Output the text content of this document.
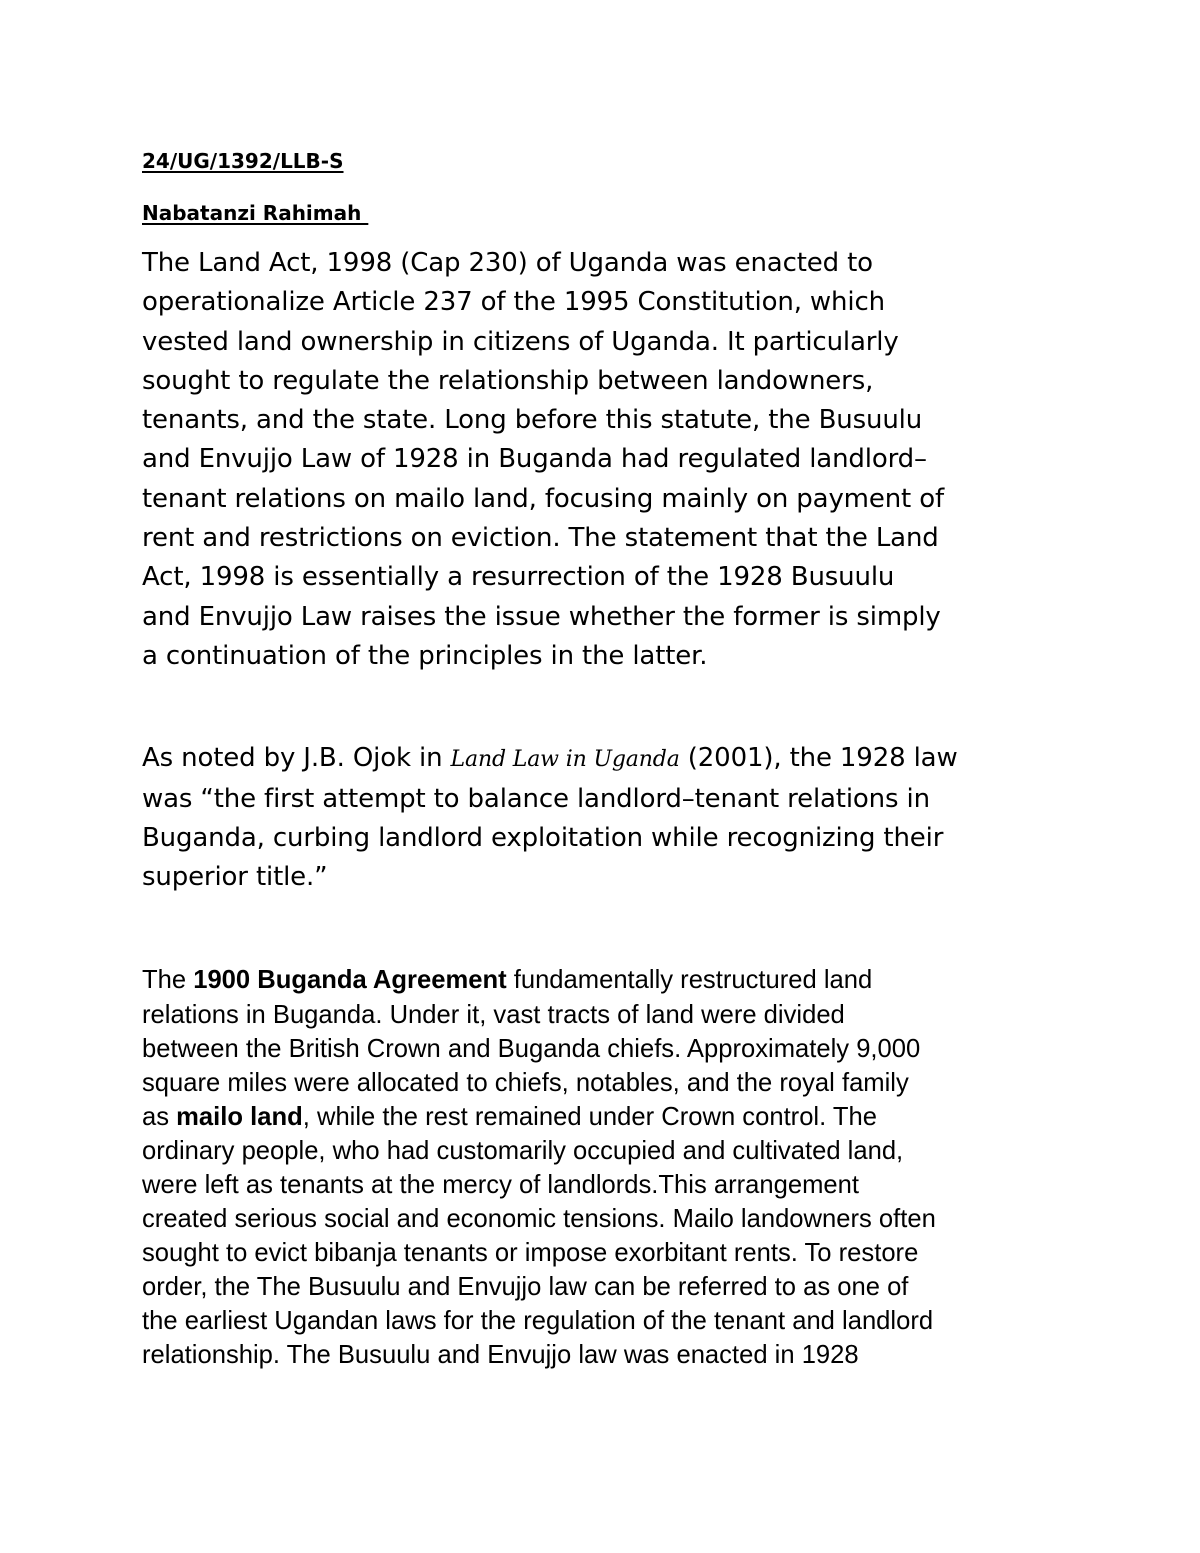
24/UG/1392/LLB-S

Nabatanzi Rahimah

The Land Act, 1998 (Cap 230) of Uganda was enacted to
operationalize Article 237 of the 1995 Constitution, which
vested land ownership in citizens of Uganda. It particularly
sought to regulate the relationship between landowners,
tenants, and the state. Long before this statute, the Busuulu
and Envujjo Law of 1928 in Buganda had regulated landlord–
tenant relations on mailo land, focusing mainly on payment of
rent and restrictions on eviction. The statement that the Land
Act, 1998 is essentially a resurrection of the 1928 Busuulu
and Envujjo Law raises the issue whether the former is simply
a continuation of the principles in the latter.

As noted by J.B. Ojok in Land Law in Uganda (2001), the 1928 law
was “the first attempt to balance landlord–tenant relations in
Buganda, curbing landlord exploitation while recognizing their
superior title.”

The 1900 Buganda Agreement fundamentally restructured land
relations in Buganda. Under it, vast tracts of land were divided
between the British Crown and Buganda chiefs. Approximately 9,000
square miles were allocated to chiefs, notables, and the royal family
as mailo land, while the rest remained under Crown control. The
ordinary people, who had customarily occupied and cultivated land,
were left as tenants at the mercy of landlords.This arrangement
created serious social and economic tensions. Mailo landowners often
sought to evict bibanja tenants or impose exorbitant rents. To restore
order, the The Busuulu and Envujjo law can be referred to as one of
the earliest Ugandan laws for the regulation of the tenant and landlord
relationship. The Busuulu and Envujjo law was enacted in 1928
